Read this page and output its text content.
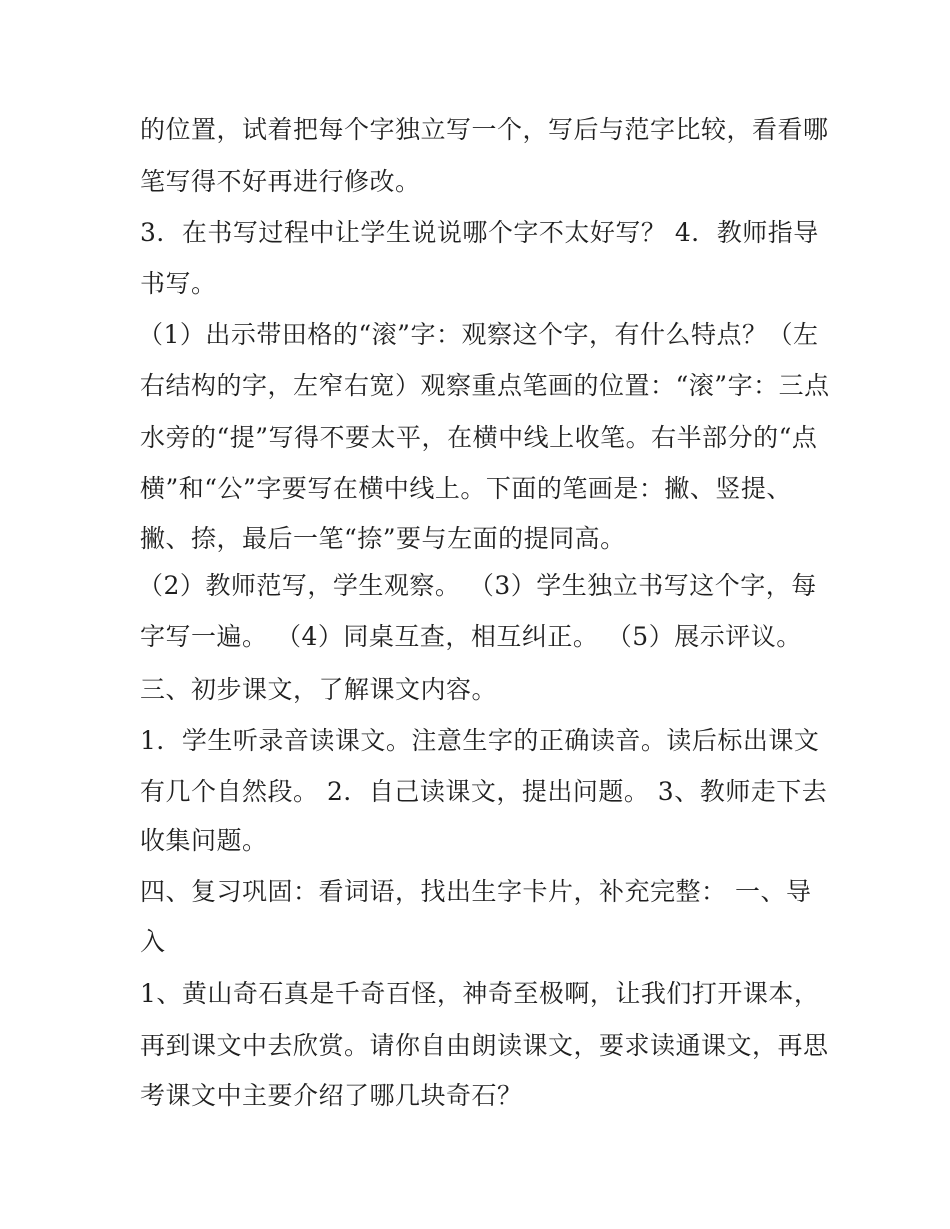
的位置，试着把每个字独立写一个，写后与范字比较，看看哪

笔写得不好再进行修改。

3．在书写过程中让学生说说哪个字不太好写？ 4．教师指导

书写。

（1）出示带田格的“滚”字：观察这个字，有什么特点？（左

右结构的字，左窄右宽）观察重点笔画的位置：“滚”字：三点

水旁的“提”写得不要太平，在横中线上收笔。右半部分的“点

横”和“公”字要写在横中线上。下面的笔画是：撇、竖提、

撇、捺，最后一笔“捺”要与左面的提同高。

（2）教师范写，学生观察。 （3）学生独立书写这个字，每

字写一遍。 （4）同桌互查，相互纠正。 （5）展示评议。

三、初步课文，了解课文内容。

1．学生听录音读课文。注意生字的正确读音。读后标出课文

有几个自然段。 2．自己读课文，提出问题。 3、教师走下去

收集问题。

四、复习巩固：看词语，找出生字卡片，补充完整： 一、导

入

1、黄山奇石真是千奇百怪，神奇至极啊，让我们打开课本，

再到课文中去欣赏。请你自由朗读课文，要求读通课文，再思

考课文中主要介绍了哪几块奇石？
